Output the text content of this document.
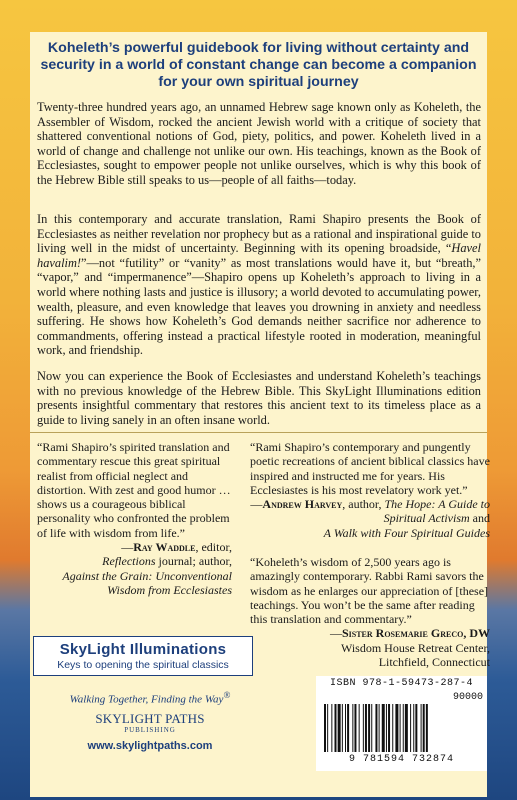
Koheleth’s powerful guidebook for living without certainty and security in a world of constant change can become a companion for your own spiritual journey
Twenty-three hundred years ago, an unnamed Hebrew sage known only as Koheleth, the Assembler of Wisdom, rocked the ancient Jewish world with a critique of society that shattered conventional notions of God, piety, politics, and power. Koheleth lived in a world of change and challenge not unlike our own. His teachings, known as the Book of Ecclesiastes, sought to empower people not unlike ourselves, which is why this book of the Hebrew Bible still speaks to us—people of all faiths—today.
In this contemporary and accurate translation, Rami Shapiro presents the Book of Ecclesiastes as neither revelation nor prophecy but as a rational and inspirational guide to living well in the midst of uncertainty. Beginning with its opening broadside, “Havel havalim!”—not “futility” or “vanity” as most translations would have it, but “breath,” “vapor,” and “impermanence”—Shapiro opens up Koheleth’s approach to living in a world where nothing lasts and justice is illusory; a world devoted to accumulating power, wealth, pleasure, and even knowledge that leaves you drowning in anxiety and needless suffering. He shows how Koheleth’s God demands neither sacrifice nor adherence to commandments, offering instead a practical lifestyle rooted in moderation, meaningful work, and friendship.
Now you can experience the Book of Ecclesiastes and understand Koheleth’s teachings with no previous knowledge of the Hebrew Bible. This SkyLight Illuminations edition presents insightful commentary that restores this ancient text to its timeless place as a guide to living sanely in an often insane world.
“Rami Shapiro’s spirited translation and commentary rescue this great spiritual realist from official neglect and distortion. With zest and good humor … shows us a courageous biblical personality who confronted the problem of life with wisdom from life.”
—Ray Waddle, editor,
Reflections journal; author,
Against the Grain: Unconventional Wisdom from Ecclesiastes
“Rami Shapiro’s contemporary and pungently poetic recreations of ancient biblical classics have inspired and instructed me for years. His Ecclesiastes is his most revelatory work yet.”
—Andrew Harvey, author, The Hope: A Guide to Spiritual Activism and
A Walk with Four Spiritual Guides
“Koheleth’s wisdom of 2,500 years ago is amazingly contemporary. Rabbi Rami savors the wisdom as he enlarges our appreciation of [these] teachings. You won’t be the same after reading this translation and commentary.”
—Sister Rosemarie Greco, DW
Wisdom House Retreat Center,
Litchfield, Connecticut
SkyLight Illuminations
Keys to opening the spiritual classics
Walking Together, Finding the Way®
SKYLIGHT PATHS
PUBLISHING
www.skylightpaths.com
ISBN 978-1-59473-287-4
90000
9 781594 732874
